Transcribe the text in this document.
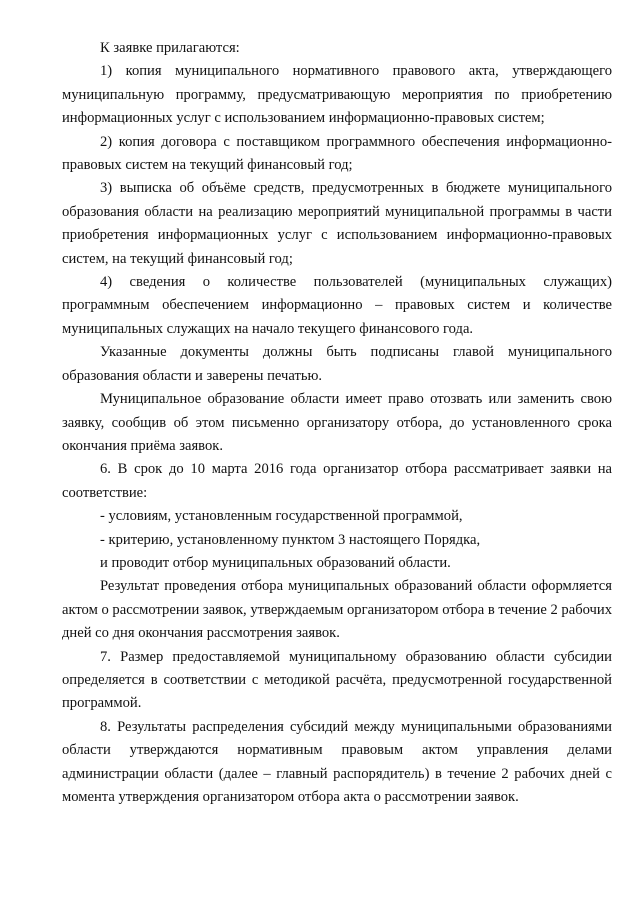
К заявке прилагаются:

1) копия муниципального нормативного правового акта, утверждающего муниципальную программу, предусматривающую мероприятия по приобретению информационных услуг с использованием информационно-правовых систем;

2) копия договора с поставщиком программного обеспечения информационно-правовых систем на текущий финансовый год;

3) выписка об объёме средств, предусмотренных в бюджете муниципального образования области на реализацию мероприятий муниципальной программы в части приобретения информационных услуг с использованием информационно-правовых систем, на текущий финансовый год;

4) сведения о количестве пользователей (муниципальных служащих) программным обеспечением информационно – правовых систем и количестве муниципальных служащих на начало текущего финансового года.

Указанные документы должны быть подписаны главой муниципального образования области и заверены печатью.

Муниципальное образование области имеет право отозвать или заменить свою заявку, сообщив об этом письменно организатору отбора, до установленного срока окончания приёма заявок.

6. В срок до 10 марта 2016 года организатор отбора рассматривает заявки на соответствие:

- условиям, установленным государственной программой,

- критерию, установленному пунктом 3 настоящего Порядка,

и проводит отбор муниципальных образований области.

Результат проведения отбора муниципальных образований области оформляется актом о рассмотрении заявок, утверждаемым организатором отбора в течение 2 рабочих дней со дня окончания рассмотрения заявок.

7. Размер предоставляемой муниципальному образованию области субсидии определяется в соответствии с методикой расчёта, предусмотренной государственной программой.

8. Результаты распределения субсидий между муниципальными образованиями области утверждаются нормативным правовым актом управления делами администрации области (далее – главный распорядитель) в течение 2 рабочих дней с момента утверждения организатором отбора акта о рассмотрении заявок.
